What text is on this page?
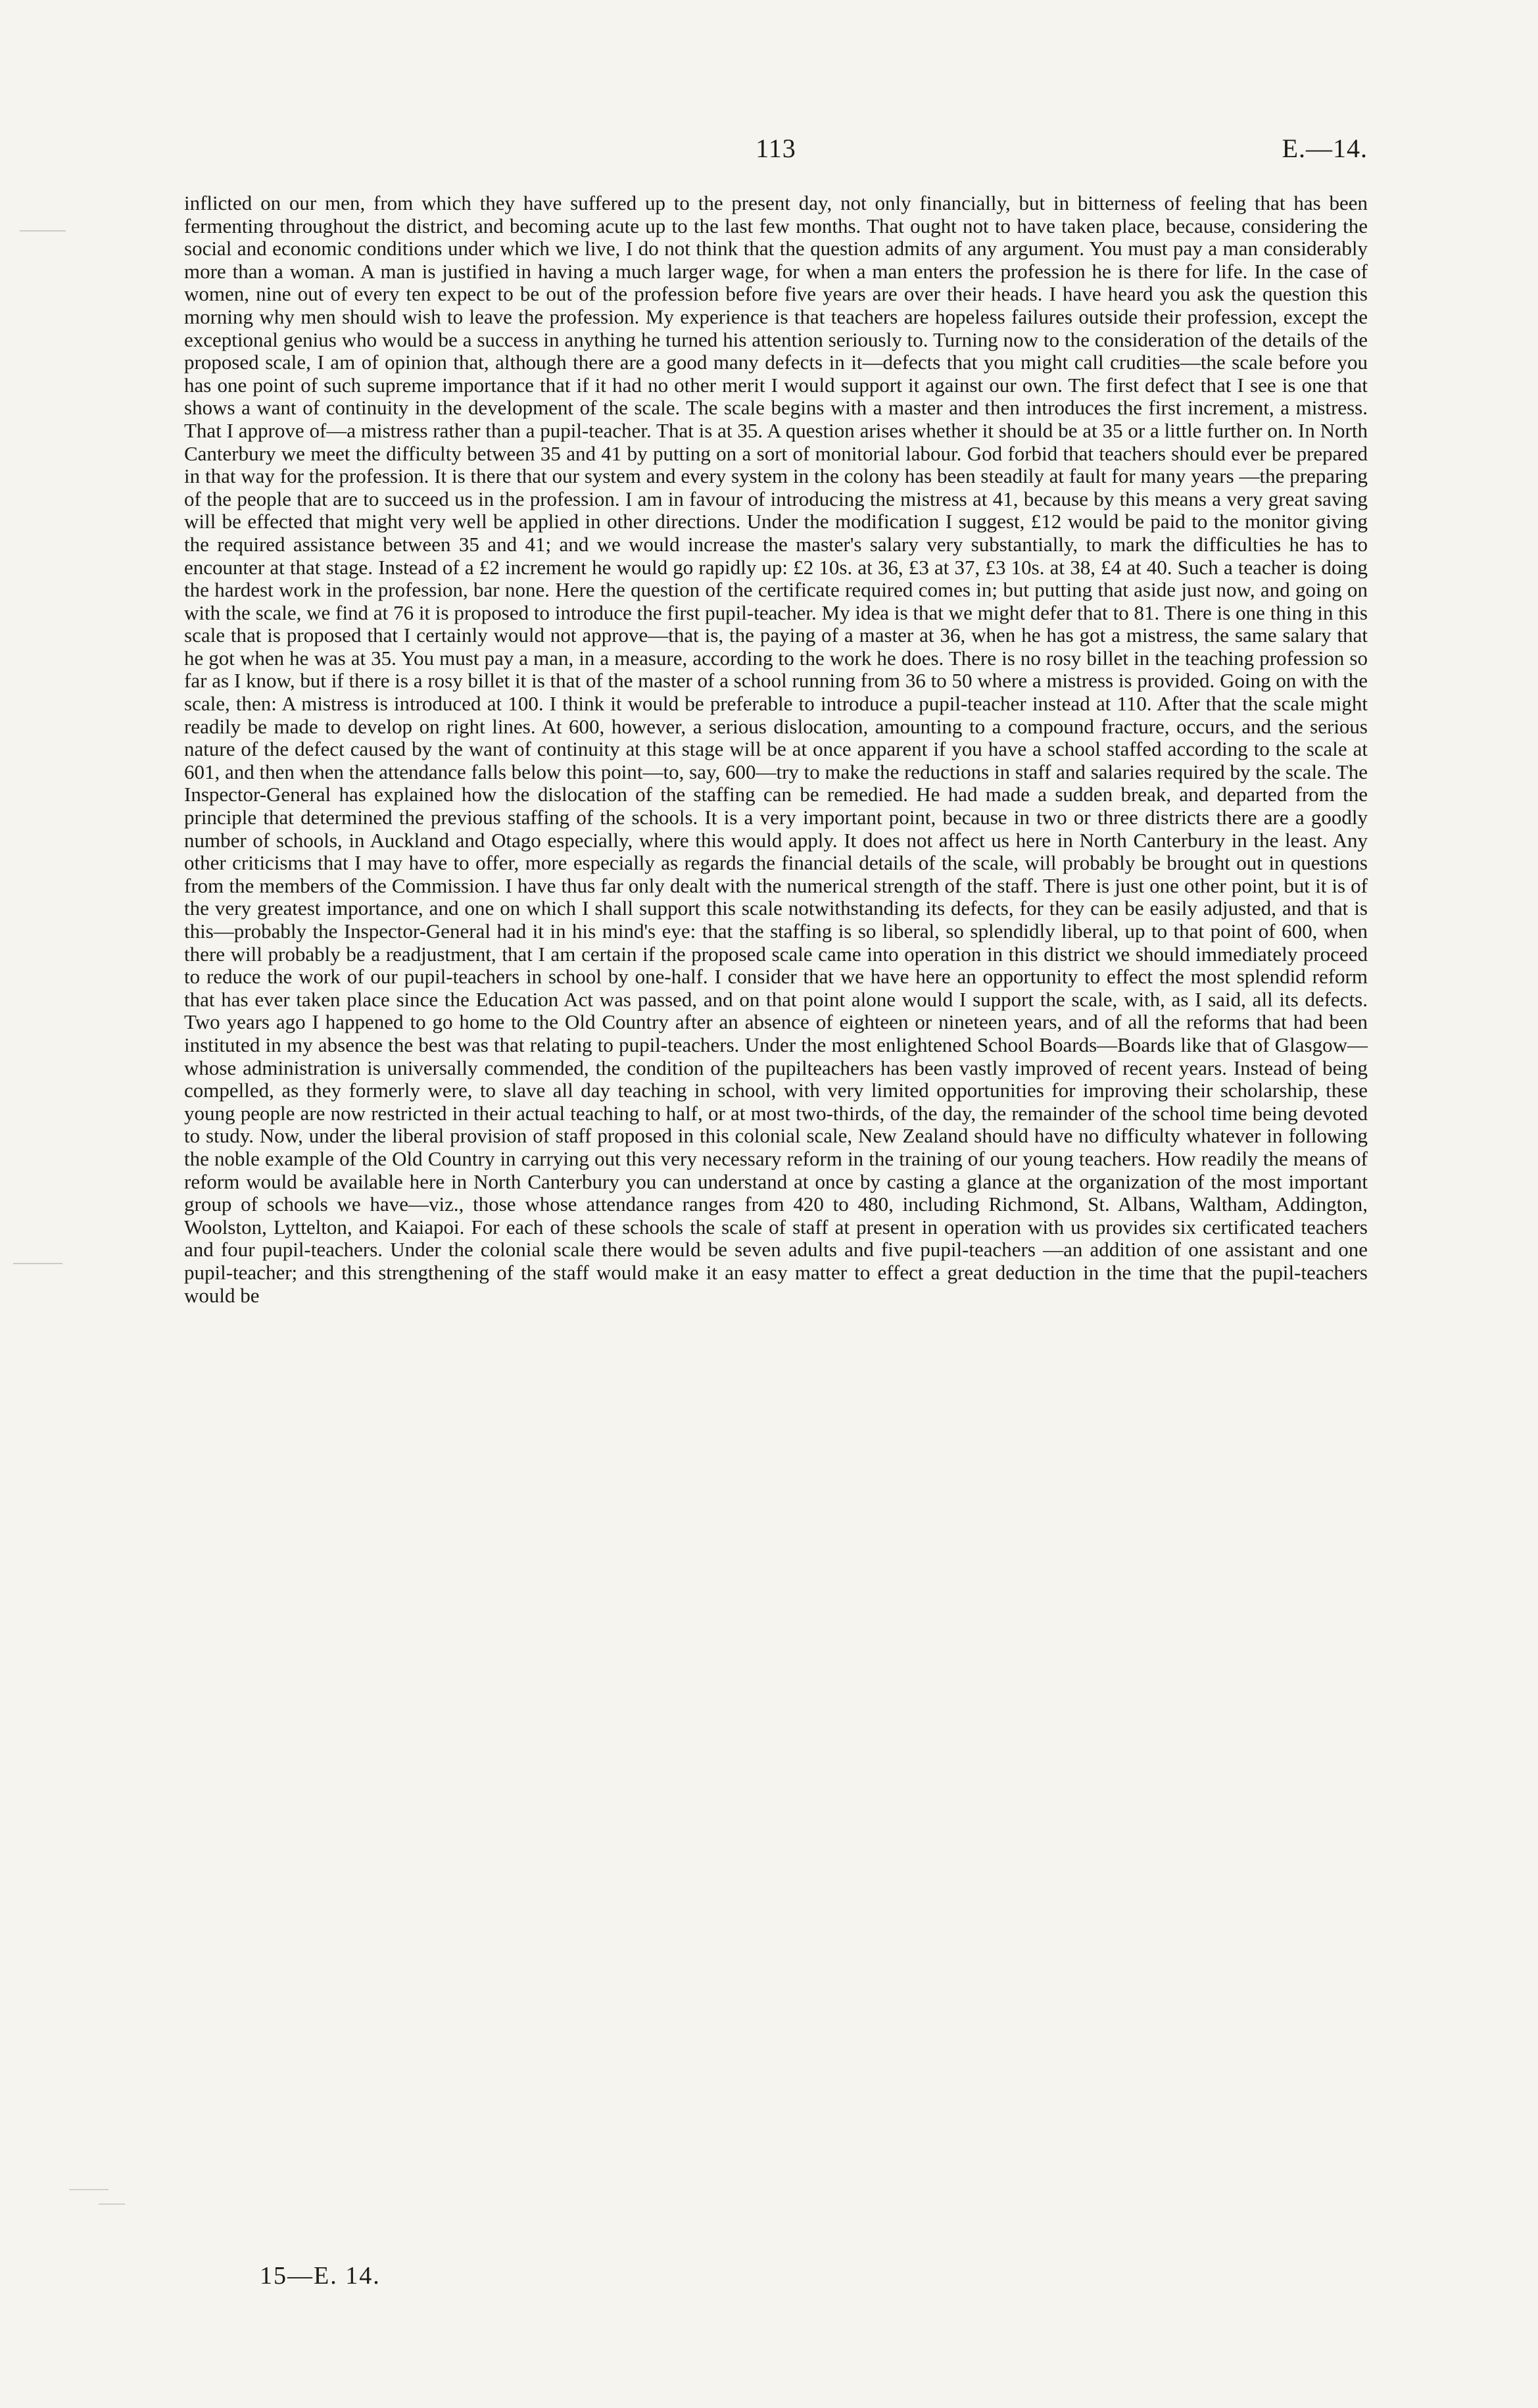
113	E.—14.

inflicted on our men, from which they have suffered up to the present day, not only financially, but in bitterness of feeling that has been fermenting throughout the district, and becoming acute up to the last few months. That ought not to have taken place, because, considering the social and economic conditions under which we live, I do not think that the question admits of any argument. You must pay a man considerably more than a woman. A man is justified in having a much larger wage, for when a man enters the profession he is there for life. In the case of women, nine out of every ten expect to be out of the profession before five years are over their heads. I have heard you ask the question this morning why men should wish to leave the profession. My experience is that teachers are hopeless failures outside their profession, except the exceptional genius who would be a success in anything he turned his attention seriously to. Turning now to the consideration of the details of the proposed scale, I am of opinion that, although there are a good many defects in it—defects that you might call crudities—the scale before you has one point of such supreme importance that if it had no other merit I would support it against our own. The first defect that I see is one that shows a want of continuity in the development of the scale. The scale begins with a master and then introduces the first increment, a mistress. That I approve of—a mistress rather than a pupil-teacher. That is at 35. A question arises whether it should be at 35 or a little further on. In North Canterbury we meet the difficulty between 35 and 41 by putting on a sort of monitorial labour. God forbid that teachers should ever be prepared in that way for the profession. It is there that our system and every system in the colony has been steadily at fault for many years —the preparing of the people that are to succeed us in the profession. I am in favour of introducing the mistress at 41, because by this means a very great saving will be effected that might very well be applied in other directions. Under the modification I suggest, £12 would be paid to the monitor giving the required assistance between 35 and 41; and we would increase the master's salary very substantially, to mark the difficulties he has to encounter at that stage. Instead of a £2 increment he would go rapidly up: £2 10s. at 36, £3 at 37, £3 10s. at 38, £4 at 40. Such a teacher is doing the hardest work in the profession, bar none. Here the question of the certificate required comes in; but putting that aside just now, and going on with the scale, we find at 76 it is proposed to introduce the first pupil-teacher. My idea is that we might defer that to 81. There is one thing in this scale that is proposed that I certainly would not approve—that is, the paying of a master at 36, when he has got a mistress, the same salary that he got when he was at 35. You must pay a man, in a measure, according to the work he does. There is no rosy billet in the teaching profession so far as I know, but if there is a rosy billet it is that of the master of a school running from 36 to 50 where a mistress is provided. Going on with the scale, then: A mistress is introduced at 100. I think it would be preferable to introduce a pupil-teacher instead at 110. After that the scale might readily be made to develop on right lines. At 600, however, a serious dislocation, amounting to a compound fracture, occurs, and the serious nature of the defect caused by the want of continuity at this stage will be at once apparent if you have a school staffed according to the scale at 601, and then when the attendance falls below this point—to, say, 600—try to make the reductions in staff and salaries required by the scale. The Inspector-General has explained how the dislocation of the staffing can be remedied. He had made a sudden break, and departed from the principle that determined the previous staffing of the schools. It is a very important point, because in two or three districts there are a goodly number of schools, in Auckland and Otago especially, where this would apply. It does not affect us here in North Canterbury in the least. Any other criticisms that I may have to offer, more especially as regards the financial details of the scale, will probably be brought out in questions from the members of the Commission. I have thus far only dealt with the numerical strength of the staff. There is just one other point, but it is of the very greatest importance, and one on which I shall support this scale notwithstanding its defects, for they can be easily adjusted, and that is this—probably the Inspector-General had it in his mind's eye: that the staffing is so liberal, so splendidly liberal, up to that point of 600, when there will probably be a readjustment, that I am certain if the proposed scale came into operation in this district we should immediately proceed to reduce the work of our pupil-teachers in school by one-half. I consider that we have here an opportunity to effect the most splendid reform that has ever taken place since the Education Act was passed, and on that point alone would I support the scale, with, as I said, all its defects. Two years ago I happened to go home to the Old Country after an absence of eighteen or nineteen years, and of all the reforms that had been instituted in my absence the best was that relating to pupil-teachers. Under the most enlightened School Boards—Boards like that of Glasgow—whose administration is universally commended, the condition of the pupilteachers has been vastly improved of recent years. Instead of being compelled, as they formerly were, to slave all day teaching in school, with very limited opportunities for improving their scholarship, these young people are now restricted in their actual teaching to half, or at most two-thirds, of the day, the remainder of the school time being devoted to study. Now, under the liberal provision of staff proposed in this colonial scale, New Zealand should have no difficulty whatever in following the noble example of the Old Country in carrying out this very necessary reform in the training of our young teachers. How readily the means of reform would be available here in North Canterbury you can understand at once by casting a glance at the organization of the most important group of schools we have—viz., those whose attendance ranges from 420 to 480, including Richmond, St. Albans, Waltham, Addington, Woolston, Lyttelton, and Kaiapoi. For each of these schools the scale of staff at present in operation with us provides six certificated teachers and four pupil-teachers. Under the colonial scale there would be seven adults and five pupil-teachers —an addition of one assistant and one pupil-teacher; and this strengthening of the staff would make it an easy matter to effect a great deduction in the time that the pupil-teachers would be

15—E. 14.
